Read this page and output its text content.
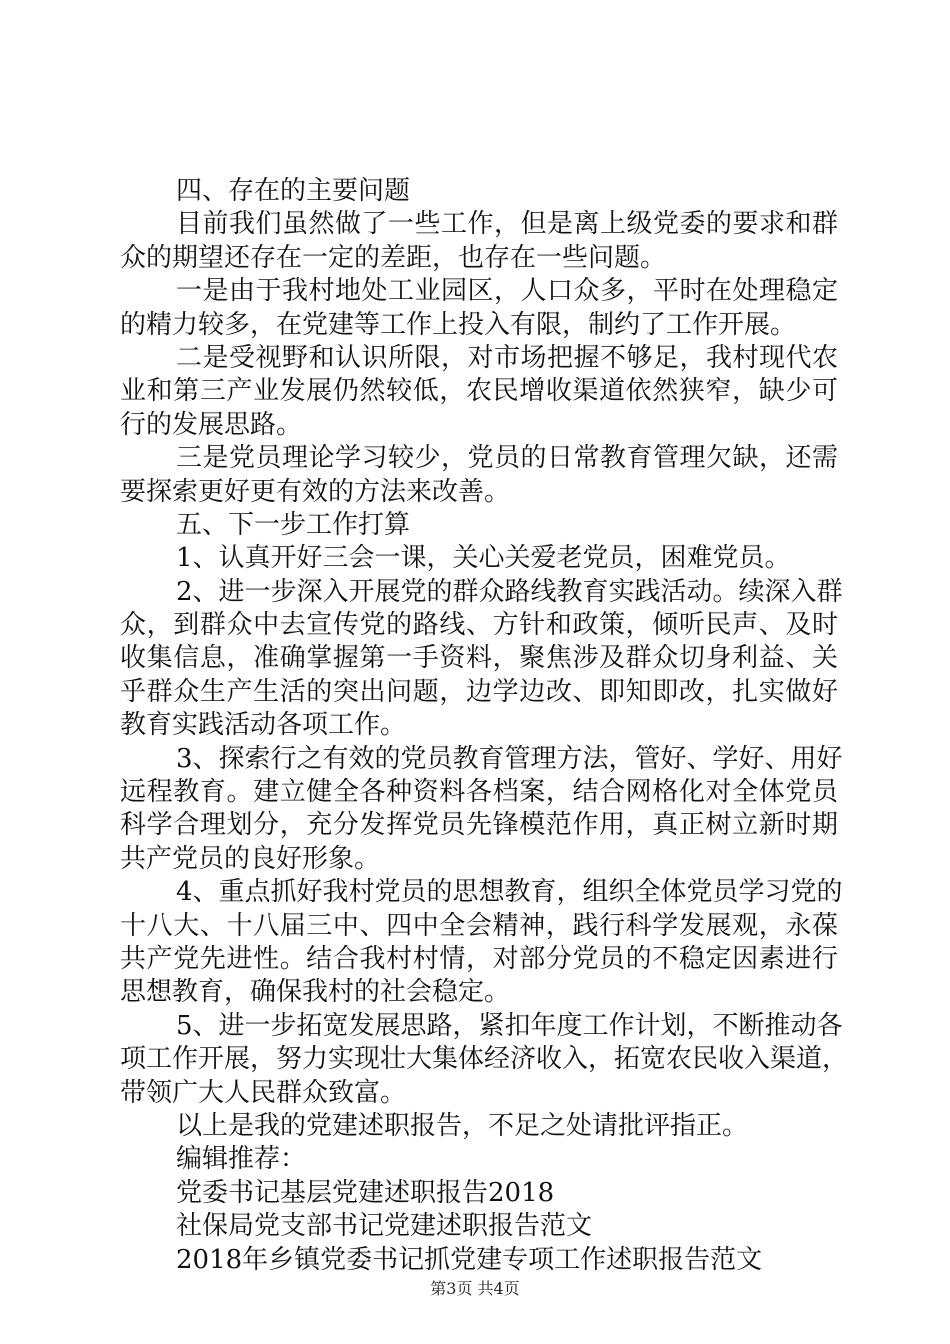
四、存在的主要问题
目前我们虽然做了一些工作，但是离上级党委的要求和群
众的期望还存在一定的差距，也存在一些问题。
一是由于我村地处工业园区，人口众多，平时在处理稳定
的精力较多，在党建等工作上投入有限，制约了工作开展。
二是受视野和认识所限，对市场把握不够足，我村现代农
业和第三产业发展仍然较低，农民增收渠道依然狭窄，缺少可
行的发展思路。
三是党员理论学习较少，党员的日常教育管理欠缺，还需
要探索更好更有效的方法来改善。
五、下一步工作打算
1、认真开好三会一课，关心关爱老党员，困难党员。
2、进一步深入开展党的群众路线教育实践活动。续深入群
众，到群众中去宣传党的路线、方针和政策，倾听民声、及时
收集信息，准确掌握第一手资料，聚焦涉及群众切身利益、关
乎群众生产生活的突出问题，边学边改、即知即改，扎实做好
教育实践活动各项工作。
3、探索行之有效的党员教育管理方法，管好、学好、用好
远程教育。建立健全各种资料各档案，结合网格化对全体党员
科学合理划分，充分发挥党员先锋模范作用，真正树立新时期
共产党员的良好形象。
4、重点抓好我村党员的思想教育，组织全体党员学习党的
十八大、十八届三中、四中全会精神，践行科学发展观，永葆
共产党先进性。结合我村村情，对部分党员的不稳定因素进行
思想教育，确保我村的社会稳定。
5、进一步拓宽发展思路，紧扣年度工作计划，不断推动各
项工作开展，努力实现壮大集体经济收入，拓宽农民收入渠道，
带领广大人民群众致富。
以上是我的党建述职报告，不足之处请批评指正。
编辑推荐：
党委书记基层党建述职报告2018
社保局党支部书记党建述职报告范文
2018年乡镇党委书记抓党建专项工作述职报告范文
第3页 共4页
